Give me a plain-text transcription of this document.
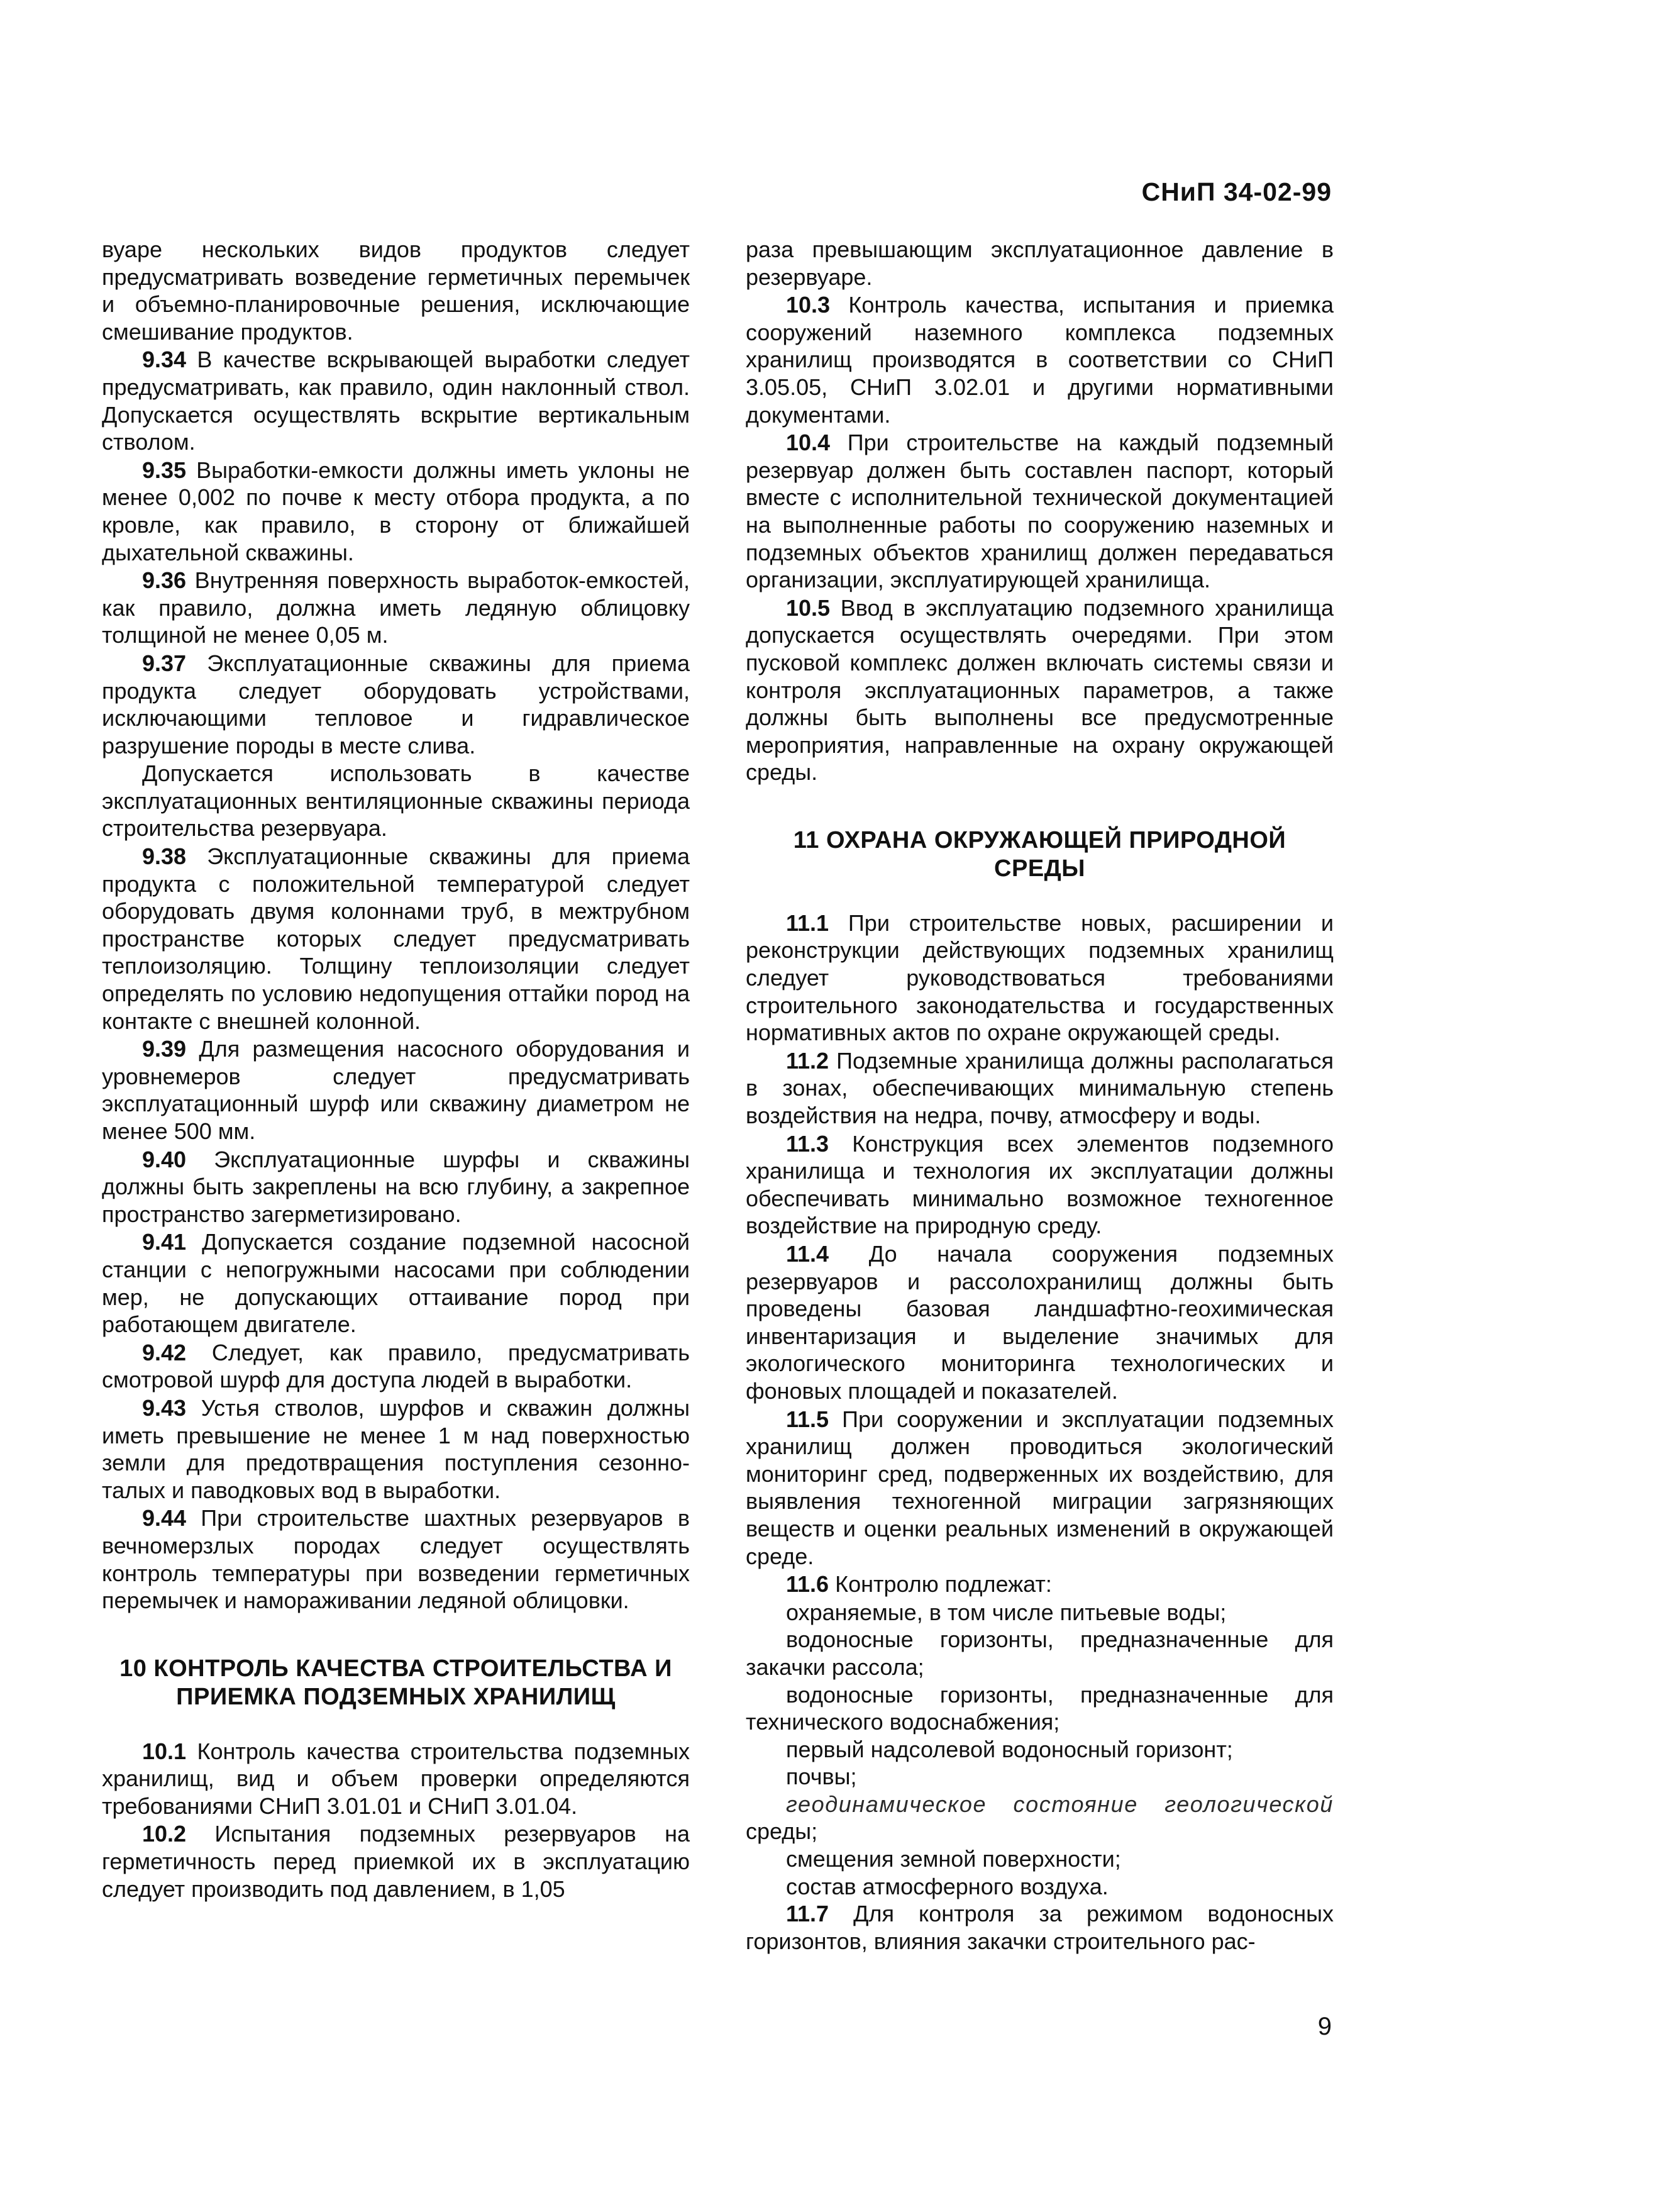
СНиП 34-02-99

вуаре нескольких видов продуктов следует предусматривать возведение герметичных перемычек и объемно-планировочные решения, исключающие смешивание продуктов.

9.34 В качестве вскрывающей выработки следует предусматривать, как правило, один наклонный ствол. Допускается осуществлять вскрытие вертикальным стволом.

9.35 Выработки-емкости должны иметь уклоны не менее 0,002 по почве к месту отбора продукта, а по кровле, как правило, в сторону от ближайшей дыхательной скважины.

9.36 Внутренняя поверхность выработок-емкостей, как правило, должна иметь ледяную облицовку толщиной не менее 0,05 м.

9.37 Эксплуатационные скважины для приема продукта следует оборудовать устройствами, исключающими тепловое и гидравлическое разрушение породы в месте слива.

Допускается использовать в качестве эксплуатационных вентиляционные скважины периода строительства резервуара.

9.38 Эксплуатационные скважины для приема продукта с положительной температурой следует оборудовать двумя колоннами труб, в межтрубном пространстве которых следует предусматривать теплоизоляцию. Толщину теплоизоляции следует определять по условию недопущения оттайки пород на контакте с внешней колонной.

9.39 Для размещения насосного оборудования и уровнемеров следует предусматривать эксплуатационный шурф или скважину диаметром не менее 500 мм.

9.40 Эксплуатационные шурфы и скважины должны быть закреплены на всю глубину, а закрепное пространство загерметизировано.

9.41 Допускается создание подземной насосной станции с непогружными насосами при соблюдении мер, не допускающих оттаивание пород при работающем двигателе.

9.42 Следует, как правило, предусматривать смотровой шурф для доступа людей в выработки.

9.43 Устья стволов, шурфов и скважин должны иметь превышение не менее 1 м над поверхностью земли для предотвращения поступления сезонно-талых и паводковых вод в выработки.

9.44 При строительстве шахтных резервуаров в вечномерзлых породах следует осуществлять контроль температуры при возведении герметичных перемычек и намораживании ледяной облицовки.

10 КОНТРОЛЬ КАЧЕСТВА СТРОИТЕЛЬСТВА И ПРИЕМКА ПОДЗЕМНЫХ ХРАНИЛИЩ

10.1 Контроль качества строительства подземных хранилищ, вид и объем проверки определяются требованиями СНиП 3.01.01 и СНиП 3.01.04.

10.2 Испытания подземных резервуаров на герметичность перед приемкой их в эксплуатацию следует производить под давлением, в 1,05

раза превышающим эксплуатационное давление в резервуаре.

10.3 Контроль качества, испытания и приемка сооружений наземного комплекса подземных хранилищ производятся в соответствии со СНиП 3.05.05, СНиП 3.02.01 и другими нормативными документами.

10.4 При строительстве на каждый подземный резервуар должен быть составлен паспорт, который вместе с исполнительной технической документацией на выполненные работы по сооружению наземных и подземных объектов хранилищ должен передаваться организации, эксплуатирующей хранилища.

10.5 Ввод в эксплуатацию подземного хранилища допускается осуществлять очередями. При этом пусковой комплекс должен включать системы связи и контроля эксплуатационных параметров, а также должны быть выполнены все предусмотренные мероприятия, направленные на охрану окружающей среды.

11 ОХРАНА ОКРУЖАЮЩЕЙ ПРИРОДНОЙ СРЕДЫ

11.1 При строительстве новых, расширении и реконструкции действующих подземных хранилищ следует руководствоваться требованиями строительного законодательства и государственных нормативных актов по охране окружающей среды.

11.2 Подземные хранилища должны располагаться в зонах, обеспечивающих минимальную степень воздействия на недра, почву, атмосферу и воды.

11.3 Конструкция всех элементов подземного хранилища и технология их эксплуатации должны обеспечивать минимально возможное техногенное воздействие на природную среду.

11.4 До начала сооружения подземных резервуаров и рассолохранилищ должны быть проведены базовая ландшафтно-геохимическая инвентаризация и выделение значимых для экологического мониторинга технологических и фоновых площадей и показателей.

11.5 При сооружении и эксплуатации подземных хранилищ должен проводиться экологический мониторинг сред, подверженных их воздействию, для выявления техногенной миграции загрязняющих веществ и оценки реальных изменений в окружающей среде.

11.6 Контролю подлежат:

охраняемые, в том числе питьевые воды;

водоносные горизонты, предназначенные для закачки рассола;

водоносные горизонты, предназначенные для технического водоснабжения;

первый надсолевой водоносный горизонт;

почвы;

геодинамическое состояние геологической среды;

смещения земной поверхности;

состав атмосферного воздуха.

11.7 Для контроля за режимом водоносных горизонтов, влияния закачки строительного рас-

9
